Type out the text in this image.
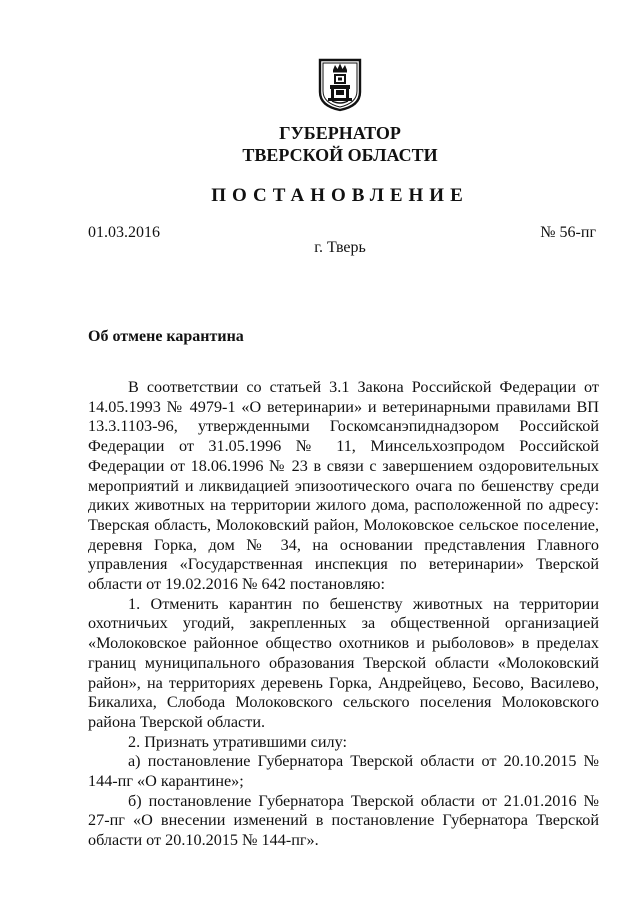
ГУБЕРНАТОР
ТВЕРСКОЙ ОБЛАСТИ
ПОСТАНОВЛЕНИЕ
01.03.2016	№ 56-пг
г. Тверь
Об отмене карантина

В соответствии со статьей 3.1 Закона Российской Федерации от 14.05.1993 № 4979-1 «О ветеринарии» и ветеринарными правилами ВП 13.3.1103-96, утвержденными Госкомсанэпиднадзором Российской Федерации от 31.05.1996 № 11, Минсельхозпродом Российской Федерации от 18.06.1996 № 23 в связи с завершением оздоровительных мероприятий и ликвидацией эпизоотического очага по бешенству среди диких животных на территории жилого дома, расположенной по адресу: Тверская область, Молоковский район, Молоковское сельское поселение, деревня Горка, дом № 34, на основании представления Главного управления «Государственная инспекция по ветеринарии» Тверской области от 19.02.2016 № 642 постановляю:

1. Отменить карантин по бешенству животных на территории охотничьих угодий, закрепленных за общественной организацией «Молоковское районное общество охотников и рыболовов» в пределах границ муниципального образования Тверской области «Молоковский район», на территориях деревень Горка, Андрейцево, Бесово, Василево, Бикалиха, Слобода Молоковского сельского поселения Молоковского района Тверской области.

2. Признать утратившими силу:

а) постановление Губернатора Тверской области от 20.10.2015 № 144-пг «О карантине»;

б) постановление Губернатора Тверской области от 21.01.2016 № 27-пг «О внесении изменений в постановление Губернатора Тверской области от 20.10.2015 № 144-пг».
